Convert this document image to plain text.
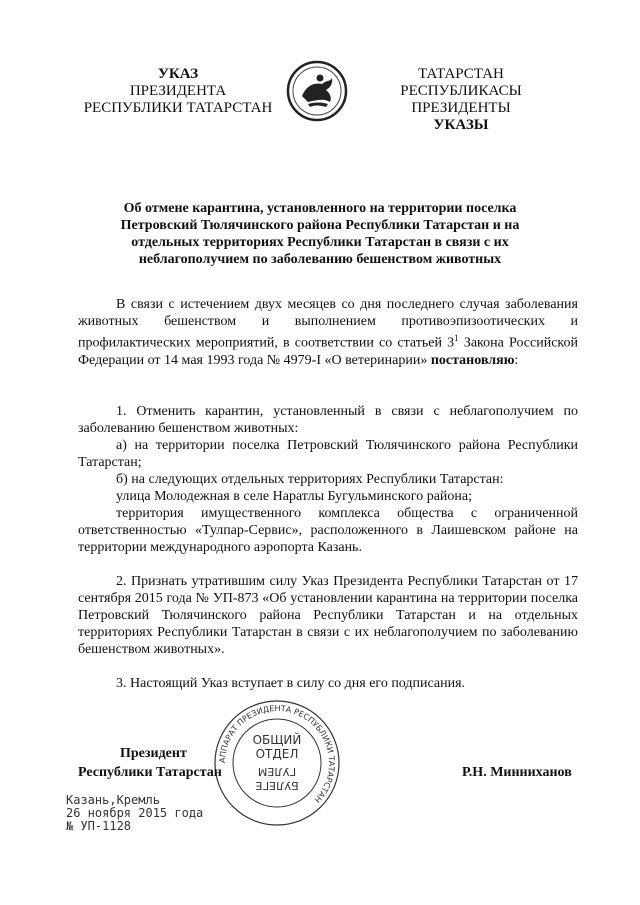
УКАЗ
ПРЕЗИДЕНТА
РЕСПУБЛИКИ ТАТАРСТАН
ТАТАРСТАН РЕСПУБЛИКАСЫ
ПРЕЗИДЕНТЫ
УКАЗЫ
Об отмене карантина, установленного на территории поселка Петровский Тюлячинского района Республики Татарстан и на отдельных территориях Республики Татарстан в связи с их неблагополучием по заболеванию бешенством животных

В связи с истечением двух месяцев со дня последнего случая заболевания животных бешенством и выполнением противоэпизоотических и профилактических мероприятий, в соответствии со статьей $3^1$ Закона Российской Федерации от 14 мая 1993 года № 4979-I «О ветеринарии» постановляю:

1. Отменить карантин, установленный в связи с неблагополучием по заболеванию бешенством животных:

а) на территории поселка Петровский Тюлячинского района Республики Татарстан;

б) на следующих отдельных территориях Республики Татарстан:

улица Молодежная в селе Наратлы Бугульминского района;

территория имущественного комплекса общества с ограниченной ответственностью «Тулпар-Сервис», расположенного в Лаишевском районе на территории международного аэропорта Казань.

2. Признать утратившим силу Указ Президента Республики Татарстан от 17 сентября 2015 года № УП-873 «Об установлении карантина на территории поселка Петровский Тюлячинского района Республики Татарстан и на отдельных территориях Республики Татарстан в связи с их неблагополучием по заболеванию бешенством животных».

3. Настоящий Указ вступает в силу со дня его подписания.

АППАРАТ ПРЕЗИДЕНТА РЕСПУБЛИКИ ТАТАРСТАН
ОБЩИЙ
ОТДЕЛ
ГУЛЕМ
БУЛЕГЕ
Президент
Республики Татарстан	Р.Н. Минниханов
Казань,Кремль
26 ноября 2015 года
№ УП-1128
